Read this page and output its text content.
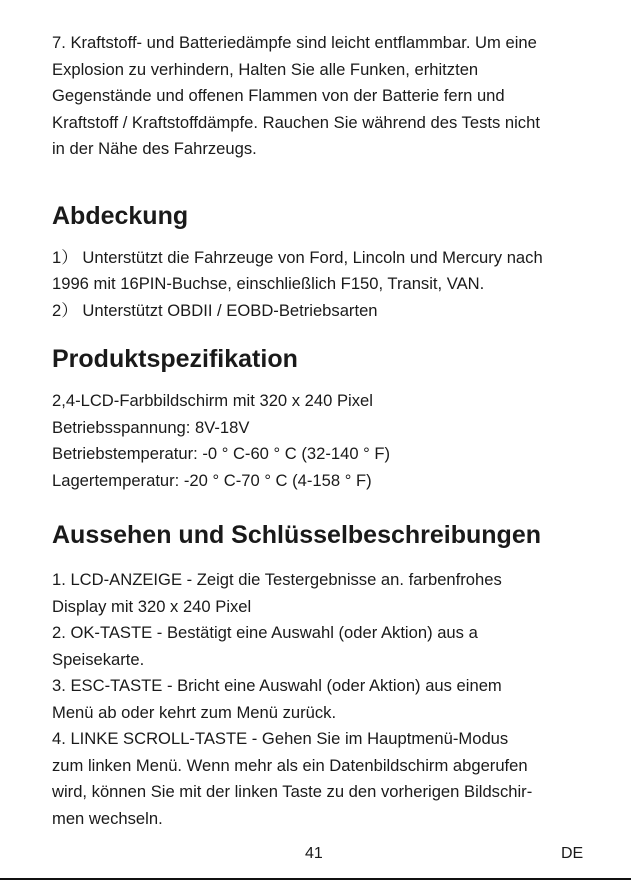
7. Kraftstoff- und Batteriedämpfe sind leicht entflammbar. Um eine

Explosion zu verhindern, Halten Sie alle Funken, erhitzten

Gegenstände und offenen Flammen von der Batterie fern und

Kraftstoff / Kraftstoffdämpfe. Rauchen Sie während des Tests nicht

in der Nähe des Fahrzeugs.

Abdeckung

1） Unterstützt die Fahrzeuge von Ford, Lincoln und Mercury nach

1996 mit 16PIN-Buchse, einschließlich F150, Transit, VAN.

2） Unterstützt OBDII / EOBD-Betriebsarten

Produktspezifikation

2,4-LCD-Farbbildschirm mit 320 x 240 Pixel

Betriebsspannung: 8V-18V

Betriebstemperatur: -0 ° C-60 ° C (32-140 ° F)

Lagertemperatur: -20 ° C-70 ° C (4-158 ° F)

Aussehen und Schlüsselbeschreibungen

1. LCD-ANZEIGE - Zeigt die Testergebnisse an. farbenfrohes

Display mit 320 x 240 Pixel

2. OK-TASTE - Bestätigt eine Auswahl (oder Aktion) aus a

Speisekarte.

3. ESC-TASTE - Bricht eine Auswahl (oder Aktion) aus einem

Menü ab oder kehrt zum Menü zurück.

4. LINKE SCROLL-TASTE - Gehen Sie im Hauptmenü-Modus

zum linken Menü. Wenn mehr als ein Datenbildschirm abgerufen

wird, können Sie mit der linken Taste zu den vorherigen Bildschir-

men wechseln.

41	DE
